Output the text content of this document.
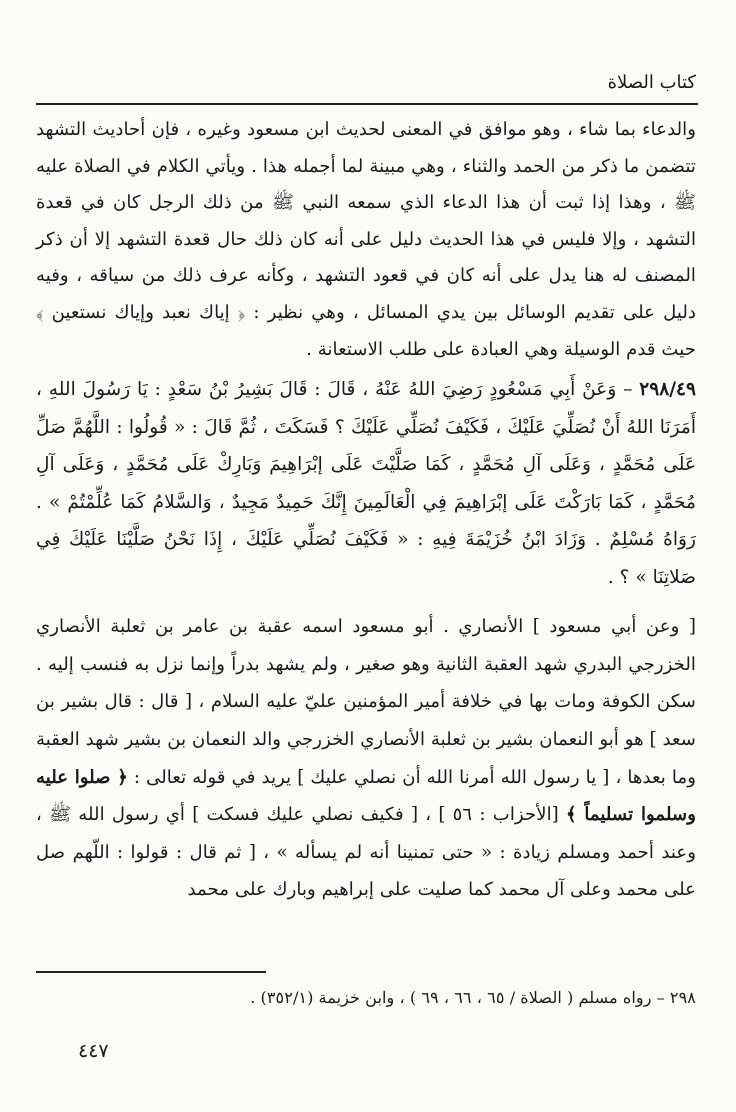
كتاب الصلاة

والدعاء بما شاء ، وهو موافق في المعنى لحديث ابن مسعود وغيره ، فإن أحاديث التشهد تتضمن ما ذكر من الحمد والثناء ، وهي مبينة لما أجمله هذا . ويأتي الكلام في الصلاة عليه ﷺ ، وهذا إذا ثبت أن هذا الدعاء الذي سمعه النبي ﷺ من ذلك الرجل كان في قعدة التشهد ، وإلا فليس في هذا الحديث دليل على أنه كان ذلك حال قعدة التشهد إلا أن ذكر المصنف له هنا يدل على أنه كان في قعود التشهد ، وكأنه عرف ذلك من سياقه ، وفيه دليل على تقديم الوسائل بين يدي المسائل ، وهي نظير : ﴿ إياك نعبد وإياك نستعين ﴾ حيث قدم الوسيلة وهي العبادة على طلب الاستعانة .

٢٩٨/٤٩ – وَعَنْ أَبِي مَسْعُودٍ رَضِيَ اللهُ عَنْهُ ، قَالَ : قَالَ بَشِيرُ بْنُ سَعْدٍ : يَا رَسُولَ اللهِ ، أَمَرَنَا اللهُ أَنْ نُصَلِّيَ عَلَيْكَ ، فَكَيْفَ نُصَلِّي عَلَيْكَ ؟ فَسَكَتَ ، ثُمَّ قَالَ : « قُولُوا : اللَّهُمَّ صَلِّ عَلَى مُحَمَّدٍ ، وَعَلَى آلِ مُحَمَّدٍ ، كَمَا صَلَّيْتَ عَلَى إبْرَاهِيمَ وَبَارِكْ عَلَى مُحَمَّدٍ ، وَعَلَى آلِ مُحَمَّدٍ ، كَمَا بَارَكْتَ عَلَى إبْرَاهِيمَ فِي الْعَالَمِينَ إِنَّكَ حَمِيدٌ مَجِيدٌ ، وَالسَّلامُ كَمَا عُلِّمْتُمْ » . رَوَاهُ مُسْلِمٌ . وَزَادَ ابْنُ خُزَيْمَةَ فِيهِ : « فَكَيْفَ نُصَلِّي عَلَيْكَ ، إِذَا نَحْنُ صَلَّيْنَا عَلَيْكَ فِي صَلاتِنَا » ؟ .

[ وعن أبي مسعود ] الأنصاري . أبو مسعود اسمه عقبة بن عامر بن ثعلبة الأنصاري الخزرجي البدري شهد العقبة الثانية وهو صغير ، ولم يشهد بدراً وإنما نزل به فنسب إليه . سكن الكوفة ومات بها في خلافة أمير المؤمنين عليّ عليه السلام ، [ قال : قال بشير بن سعد ] هو أبو النعمان بشير بن ثعلبة الأنصاري الخزرجي والد النعمان بن بشير شهد العقبة وما بعدها ، [ يا رسول الله أمرنا الله أن نصلي عليك ] يريد في قوله تعالى : ﴿ صلوا عليه وسلموا تسليماً ﴾ [الأحزاب : ٥٦ ] ، [ فكيف نصلي عليك فسكت ] أي رسول الله ﷺ ، وعند أحمد ومسلم زيادة : « حتى تمنينا أنه لم يسأله » ، [ ثم قال : قولوا : اللّهم صل على محمد وعلى آل محمد كما صليت على إبراهيم وبارك على محمد

٢٩٨ – رواه مسلم ( الصلاة / ٦٥ ، ٦٦ ، ٦٩ ) ، وابن خزيمة (٣٥٢/١) .
٤٤٧
